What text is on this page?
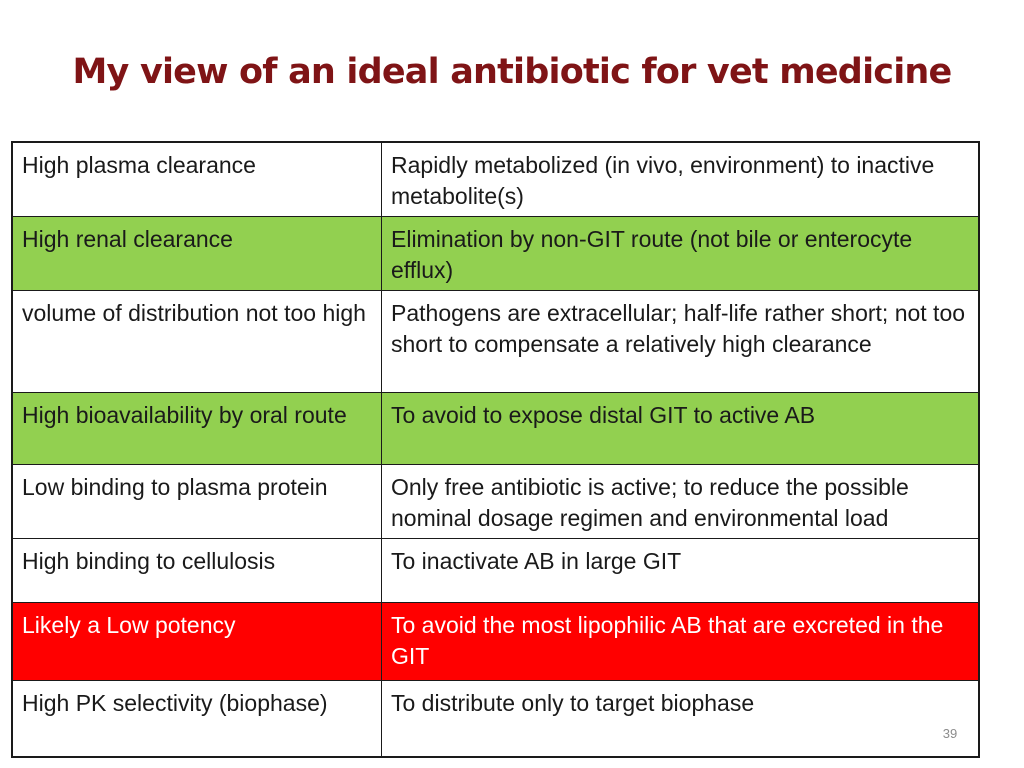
My view of an ideal antibiotic for vet medicine
High plasma clearance	Rapidly metabolized (in vivo, environment) to inactive metabolite(s)
High renal clearance	Elimination by non-GIT route (not bile or enterocyte efflux)
volume of distribution not too high	Pathogens are extracellular; half-life rather short; not too short to compensate a relatively high clearance
High bioavailability by oral route	To avoid to expose distal GIT to active AB
Low binding to plasma protein	Only free antibiotic is active; to reduce the possible nominal dosage regimen and environmental load
High binding to cellulosis	To inactivate AB in large GIT
Likely a Low potency	To avoid the most lipophilic AB that are excreted in the GIT
High PK selectivity (biophase)	To distribute only to target biophase
39
